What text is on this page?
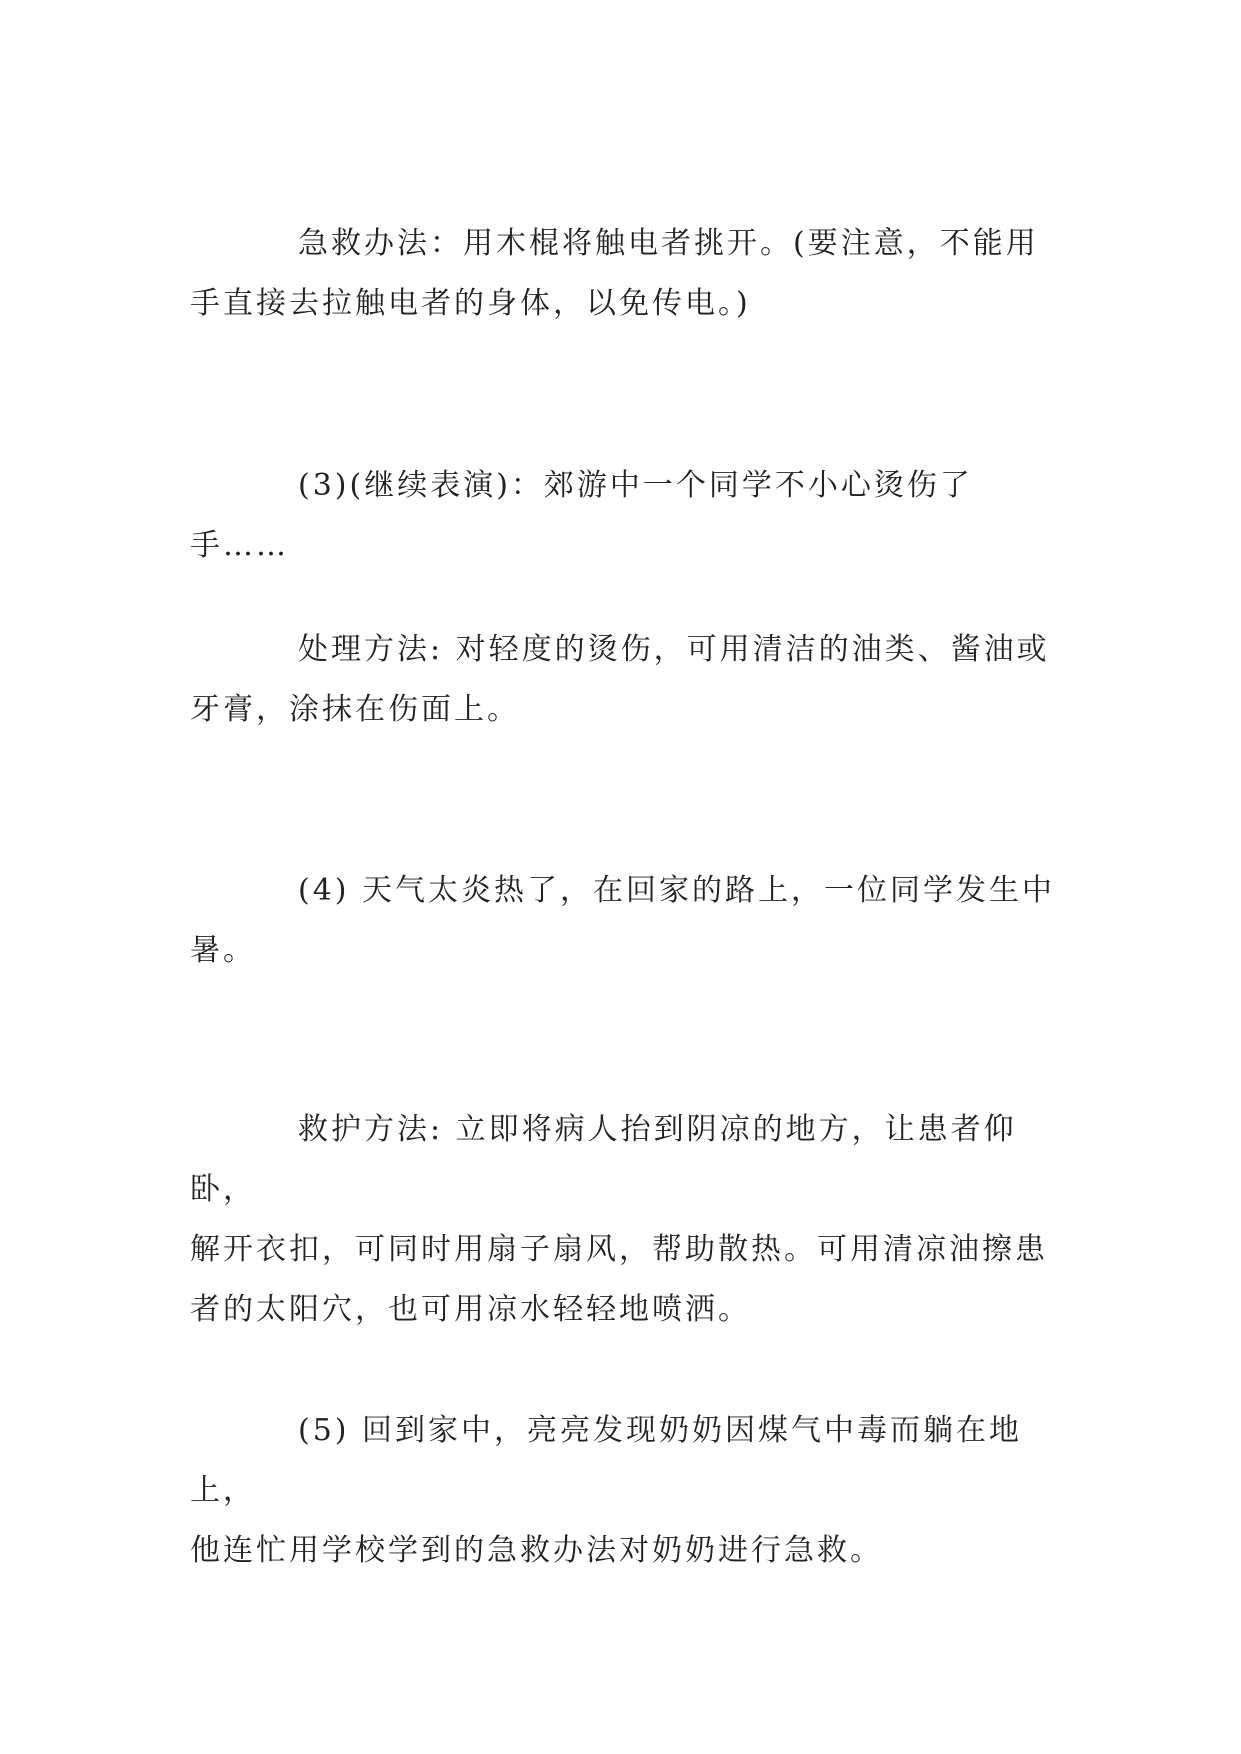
急救办法：用木棍将触电者挑开。(要注意，不能用
手直接去拉触电者的身体，以免传电。)

(3)(继续表演)：郊游中一个同学不小心烫伤了手……

处理方法: 对轻度的烫伤，可用清洁的油类、酱油或
牙膏，涂抹在伤面上。

(4) 天气太炎热了，在回家的路上，一位同学发生中
暑。

救护方法: 立即将病人抬到阴凉的地方，让患者仰卧，
解开衣扣，可同时用扇子扇风，帮助散热。可用清凉油擦患
者的太阳穴，也可用凉水轻轻地喷洒。

(5) 回到家中，亮亮发现奶奶因煤气中毒而躺在地上，
他连忙用学校学到的急救办法对奶奶进行急救。
